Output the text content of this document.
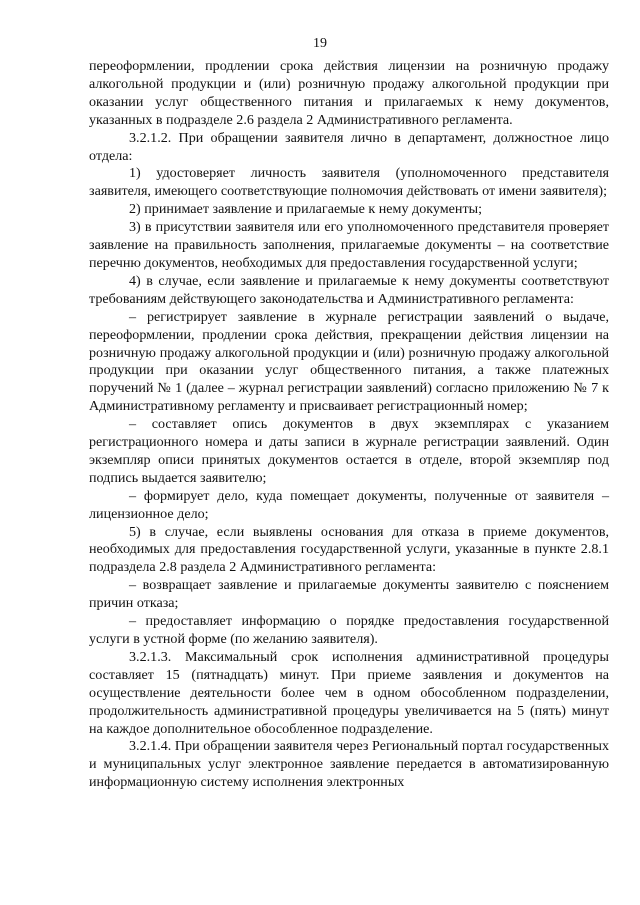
19

переоформлении, продлении срока действия лицензии на розничную продажу алкогольной продукции и (или) розничную продажу алкогольной продукции при оказании услуг общественного питания и прилагаемых к нему документов, указанных в подразделе 2.6 раздела 2 Административного регламента.

3.2.1.2. При обращении заявителя лично в департамент, должностное лицо отдела:

1) удостоверяет личность заявителя (уполномоченного представителя заявителя, имеющего соответствующие полномочия действовать от имени заявителя);

2) принимает заявление и прилагаемые к нему документы;

3) в присутствии заявителя или его уполномоченного представителя проверяет заявление на правильность заполнения, прилагаемые документы – на соответствие перечню документов, необходимых для предоставления государственной услуги;

4) в случае, если заявление и прилагаемые к нему документы соответствуют требованиям действующего законодательства и Административного регламента:

– регистрирует заявление в журнале регистрации заявлений о выдаче, переоформлении, продлении срока действия, прекращении действия лицензии на розничную продажу алкогольной продукции и (или) розничную продажу алкогольной продукции при оказании услуг общественного питания, а также платежных поручений № 1 (далее – журнал регистрации заявлений) согласно приложению № 7 к Административному регламенту и присваивает регистрационный номер;

– составляет опись документов в двух экземплярах с указанием регистрационного номера и даты записи в журнале регистрации заявлений. Один экземпляр описи принятых документов остается в отделе, второй экземпляр под подпись выдается заявителю;

– формирует дело, куда помещает документы, полученные от заявителя – лицензионное дело;

5) в случае, если выявлены основания для отказа в приеме документов, необходимых для предоставления государственной услуги, указанные в пункте 2.8.1 подраздела 2.8 раздела 2 Административного регламента:

– возвращает заявление и прилагаемые документы заявителю с пояснением причин отказа;

– предоставляет информацию о порядке предоставления государственной услуги в устной форме (по желанию заявителя).

3.2.1.3. Максимальный срок исполнения административной процедуры составляет 15 (пятнадцать) минут. При приеме заявления и документов на осуществление деятельности более чем в одном обособленном подразделении, продолжительность административной процедуры увеличивается на 5 (пять) минут на каждое дополнительное обособленное подразделение.

3.2.1.4. При обращении заявителя через Региональный портал государственных и муниципальных услуг электронное заявление передается в автоматизированную информационную систему исполнения электронных
